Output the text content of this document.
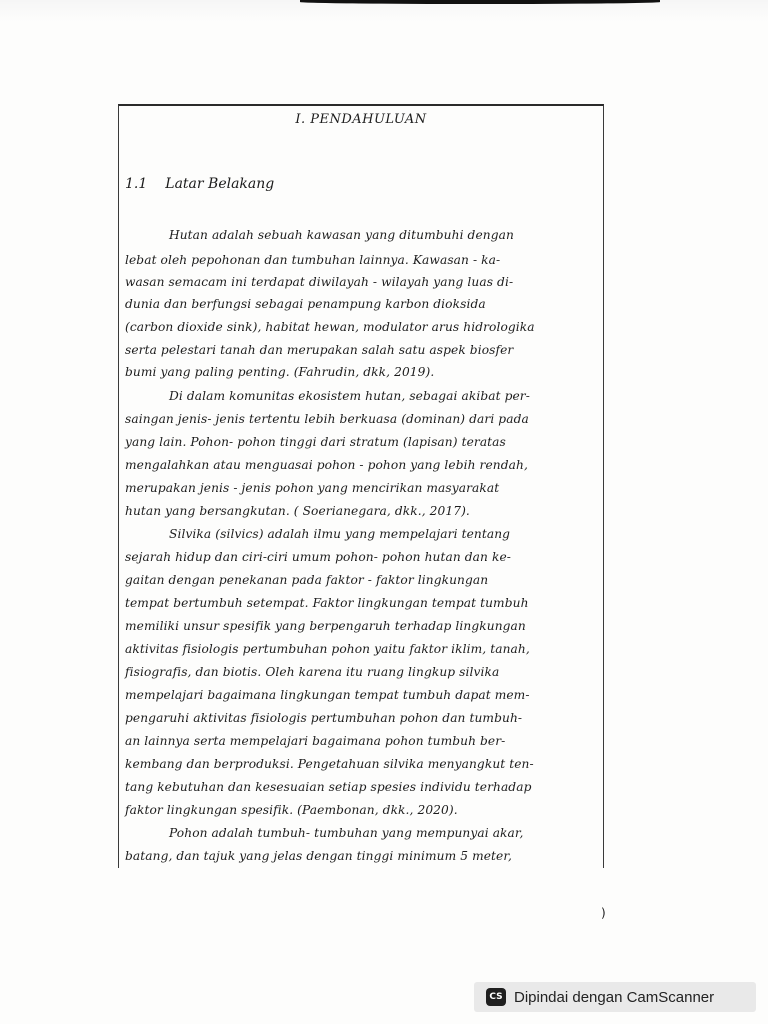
I. PENDAHULUAN
1.1 Latar Belakang
Hutan adalah sebuah kawasan yang ditumbuhi dengan
lebat oleh pepohonan dan tumbuhan lainnya. Kawasan - ka-
wasan semacam ini terdapat diwilayah - wilayah yang luas di-
dunia dan berfungsi sebagai penampung karbon dioksida
(carbon dioxide sink), habitat hewan, modulator arus hidrologika
serta pelestari tanah dan merupakan salah satu aspek biosfer
bumi yang paling penting. (Fahrudin, dkk, 2019).
Di dalam komunitas ekosistem hutan, sebagai akibat per-
saingan jenis- jenis tertentu lebih berkuasa (dominan) dari pada
yang lain. Pohon- pohon tinggi dari stratum (lapisan) teratas
mengalahkan atau menguasai pohon - pohon yang lebih rendah,
merupakan jenis - jenis pohon yang mencirikan masyarakat
hutan yang bersangkutan. ( Soerianegara, dkk., 2017).
Silvika (silvics) adalah ilmu yang mempelajari tentang
sejarah hidup dan ciri-ciri umum pohon- pohon hutan dan ke-
gaitan dengan penekanan pada faktor - faktor lingkungan
tempat bertumbuh setempat. Faktor lingkungan tempat tumbuh
memiliki unsur spesifik yang berpengaruh terhadap lingkungan
aktivitas fisiologis pertumbuhan pohon yaitu faktor iklim, tanah,
fisiografis, dan biotis. Oleh karena itu ruang lingkup silvika
mempelajari bagaimana lingkungan tempat tumbuh dapat mem-
pengaruhi aktivitas fisiologis pertumbuhan pohon dan tumbuh-
an lainnya serta mempelajari bagaimana pohon tumbuh ber-
kembang dan berproduksi. Pengetahuan silvika menyangkut ten-
tang kebutuhan dan kesesuaian setiap spesies individu terhadap
faktor lingkungan spesifik. (Paembonan, dkk., 2020).
Pohon adalah tumbuh- tumbuhan yang mempunyai akar,
batang, dan tajuk yang jelas dengan tinggi minimum 5 meter,
)
CS Dipindai dengan CamScanner
